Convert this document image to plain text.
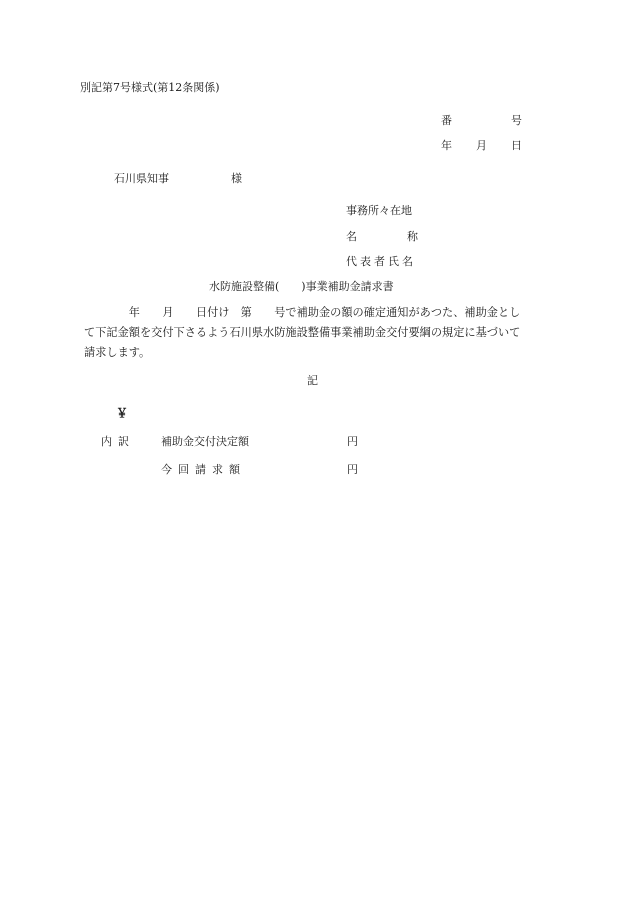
別記第7号様式(第12条関係)
番	号
年 月 日
石川県知事	様
事務所々在地
名	称
代表者氏名
水防施設整備(　　)事業補助金請求書
　　　　年　　月　　日付け　第　　号で補助金の額の確定通知があつた、補助金とし
て下記金額を交付下さるよう石川県水防施設整備事業補助金交付要綱の規定に基づいて
請求します。
記
￥
内訳 補助金交付決定額	円
今回請求額	円
